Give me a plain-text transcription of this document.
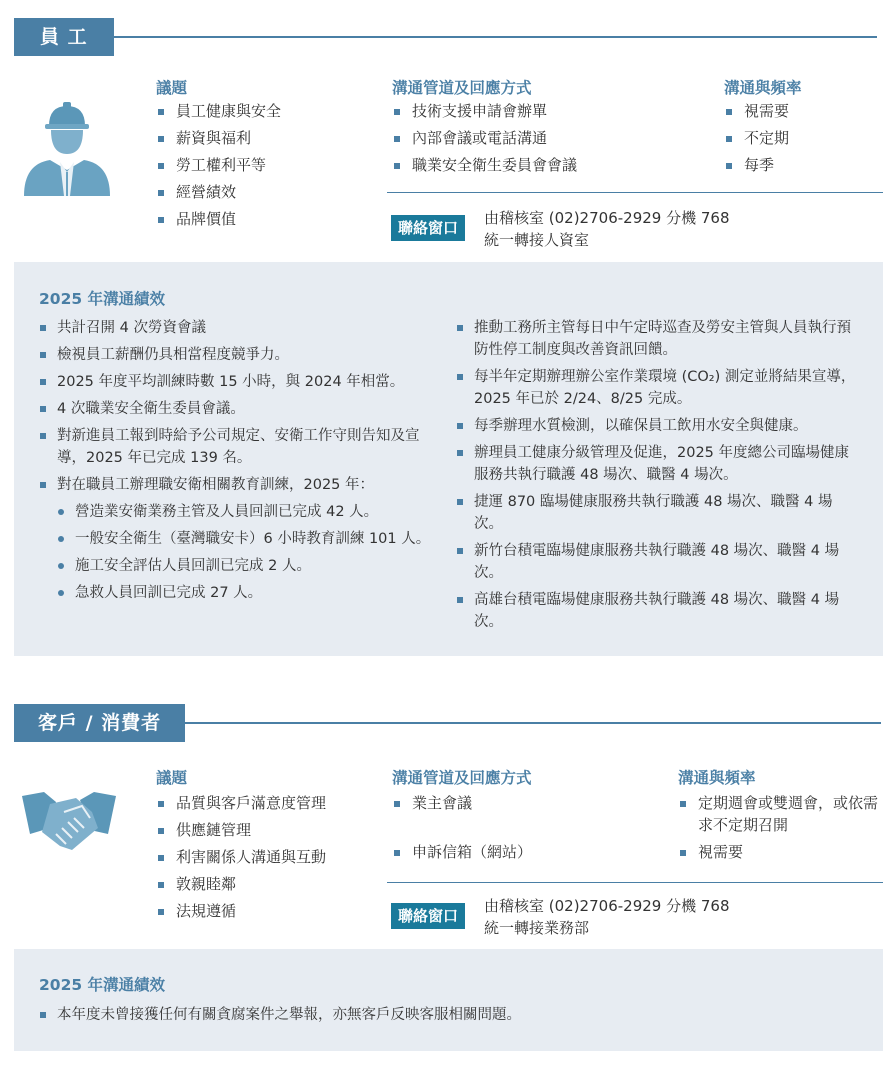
員 工
議題
員工健康與安全
薪資與福利
勞工權利平等
經營績效
品牌價值
溝通管道及回應方式
技術支援申請會辦單
內部會議或電話溝通
職業安全衛生委員會會議
溝通與頻率
視需要
不定期
每季
聯絡窗口
由稽核室 (02)2706-2929 分機 768
統一轉接人資室
2025 年溝通績效
共計召開 4 次勞資會議
檢視員工薪酬仍具相當程度競爭力。
2025 年度平均訓練時數 15 小時，與 2024 年相當。
4 次職業安全衛生委員會議。
對新進員工報到時給予公司規定、安衛工作守則告知及宣導，2025 年已完成 139 名。
對在職員工辦理職安衛相關教育訓練，2025 年：
營造業安衛業務主管及人員回訓已完成 42 人。
一般安全衛生（臺灣職安卡）6 小時教育訓練 101 人。
施工安全評估人員回訓已完成 2 人。
急救人員回訓已完成 27 人。
推動工務所主管每日中午定時巡查及勞安主管與人員執行預防性停工制度與改善資訊回饋。
每半年定期辦理辦公室作業環境 (CO₂) 測定並將結果宣導，2025 年已於 2/24、8/25 完成。
每季辦理水質檢測，以確保員工飲用水安全與健康。
辦理員工健康分級管理及促進，2025 年度總公司臨場健康服務共執行職護 48 場次、職醫 4 場次。
捷運 870 臨場健康服務共執行職護 48 場次、職醫 4 場次。
新竹台積電臨場健康服務共執行職護 48 場次、職醫 4 場次。
高雄台積電臨場健康服務共執行職護 48 場次、職醫 4 場次。
客戶 / 消費者
議題
品質與客戶滿意度管理
供應鏈管理
利害關係人溝通與互動
敦親睦鄰
法規遵循
溝通管道及回應方式
業主會議
申訴信箱（網站）
溝通與頻率
定期週會或雙週會，或依需求不定期召開
視需要
聯絡窗口
由稽核室 (02)2706-2929 分機 768
統一轉接業務部
2025 年溝通績效
本年度未曾接獲任何有關貪腐案件之舉報，亦無客戶反映客服相關問題。
